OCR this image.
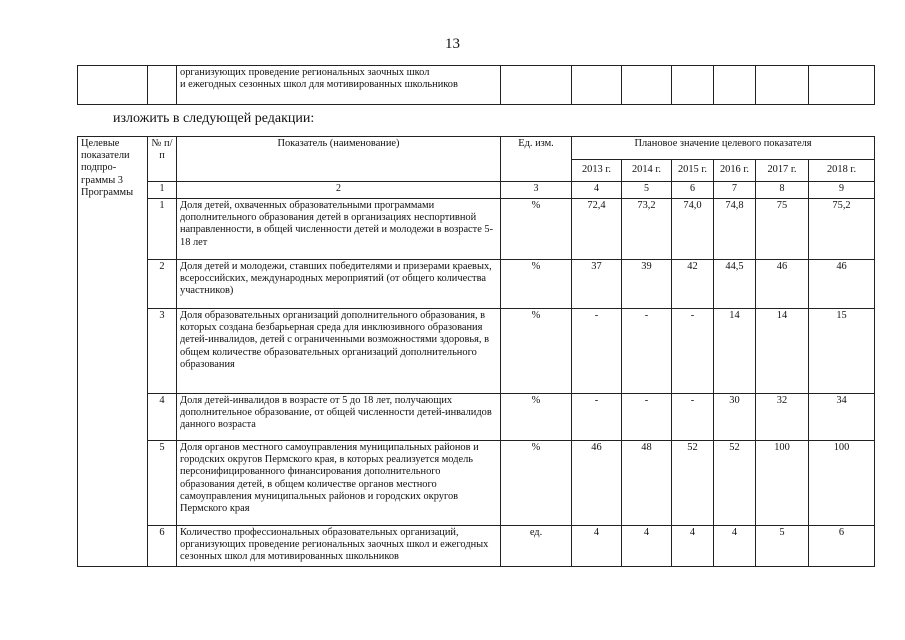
13

организующих проведение региональных заочных школ
и ежегодных сезонных школ для мотивированных школьников

изложить в следующей редакции:
Целевые показатели подпро- граммы 3 Программы	№ п/п	Показатель (наименование)	Ед. изм.	Плановое значение целевого показателя					
				2013 г.	2014 г.	2015 г.	2016 г.	2017 г.	2018 г.
	1	2	3	4	5	6	7	8	9
	1	Доля детей, охваченных образовательными программами дополнительного образования детей в организациях неспортивной направленности, в общей численности детей и молодежи в возрасте 5-18 лет	%	72,4	73,2	74,0	74,8	75	75,2
	2	Доля детей и молодежи, ставших победителями и призерами краевых, всероссийских, международных мероприятий (от общего количества участников)	%	37	39	42	44,5	46	46
	3	Доля образовательных организаций дополнительного образования, в которых создана безбарьерная среда для инклюзивного образования детей-инвалидов, детей с ограниченными возможностями здоровья, в общем количестве образовательных организаций дополнительного образования	%	-	-	-	14	14	15
	4	Доля детей-инвалидов в возрасте от 5 до 18 лет, получающих дополнительное образование, от общей численности детей-инвалидов данного возраста	%	-	-	-	30	32	34
	5	Доля органов местного самоуправления муниципальных районов и городских округов Пермского края, в которых реализуется модель персонифицированного финансирования дополнительного образования детей, в общем количестве органов местного самоуправления муниципальных районов и городских округов Пермского края	%	46	48	52	52	100	100
	6	Количество профессиональных образовательных организаций, организующих проведение региональных заочных школ и ежегодных сезонных школ для мотивированных школьников	ед.	4	4	4	4	5	6
